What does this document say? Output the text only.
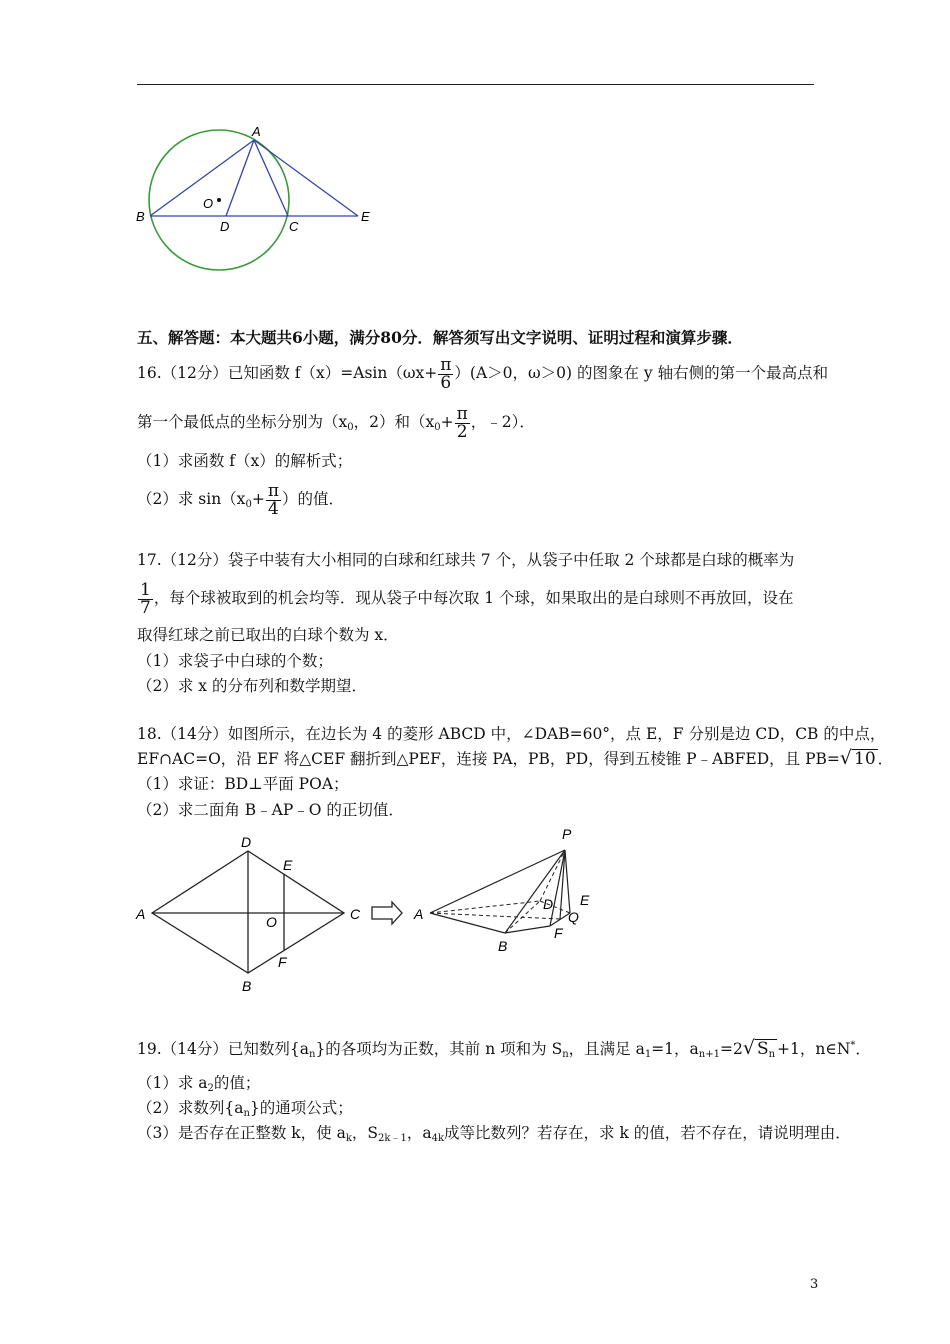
A
B
O
D	C
E
五、解答题：本大题共6小题，满分80分．解答须写出文字说明、证明过程和演算步骤．
16.（12分）已知函数 $f(x)=Asin(\omega x+ \frac{\pi}{6} )(A>0$，ω＞0) 的图象在 y 轴右侧的第一个最高点和
第一个最低点的坐标分别为（$x_0$，2）和（$x_0+ \frac{\pi}{2}$ ，﹣2）．
（1）求函数 f（x）的解析式；
（2）求 $\sin(x_0+ \frac{\pi}{4}$ ）的值．
17.（12分）袋子中装有大小相同的白球和红球共 7 个，从袋子中任取 2 个球都是白球的概率为
$\frac{1}{7}$ ，每个球被取到的机会均等．现从袋子中每次取 1 个球，如果取出的是白球则不再放回，设在
取得红球之前已取出的白球个数为 x．
（1）求袋子中白球的个数；
（2）求 x 的分布列和数学期望．
18.（14分）如图所示，在边长为 4 的菱形 ABCD 中，∠DAB=60°，点 E，F 分别是边 CD，CB 的中点，
EF∩AC=O，沿 EF 将△CEF 翻折到△PEF，连接 PA，PB，PD，得到五棱锥 P﹣ABFED，且 PB=√ 10 ．
（1）求证：BD⊥平面 POA；
（2）求二面角 B﹣AP﹣O 的正切值．
A
D
E
O	C
F
B
P
A
D E
Q
F
B
19.（14分）已知数列$\{a_n\}$的各项均为正数，其前 n 项和为 $S_n$，且满足 $a_1=1$，$a_{n+1}=2√$ $S_n +1$，n∈N*．
（1）求 $a_2$的值；
（2）求数列$\{a_n\}$的通项公式；
（3）是否存在正整数 k，使 $a_k$，$S_{2k﹣1}$，$a_{4k}$成等比数列？若存在，求 k 的值，若不存在，请说明理由．
3
